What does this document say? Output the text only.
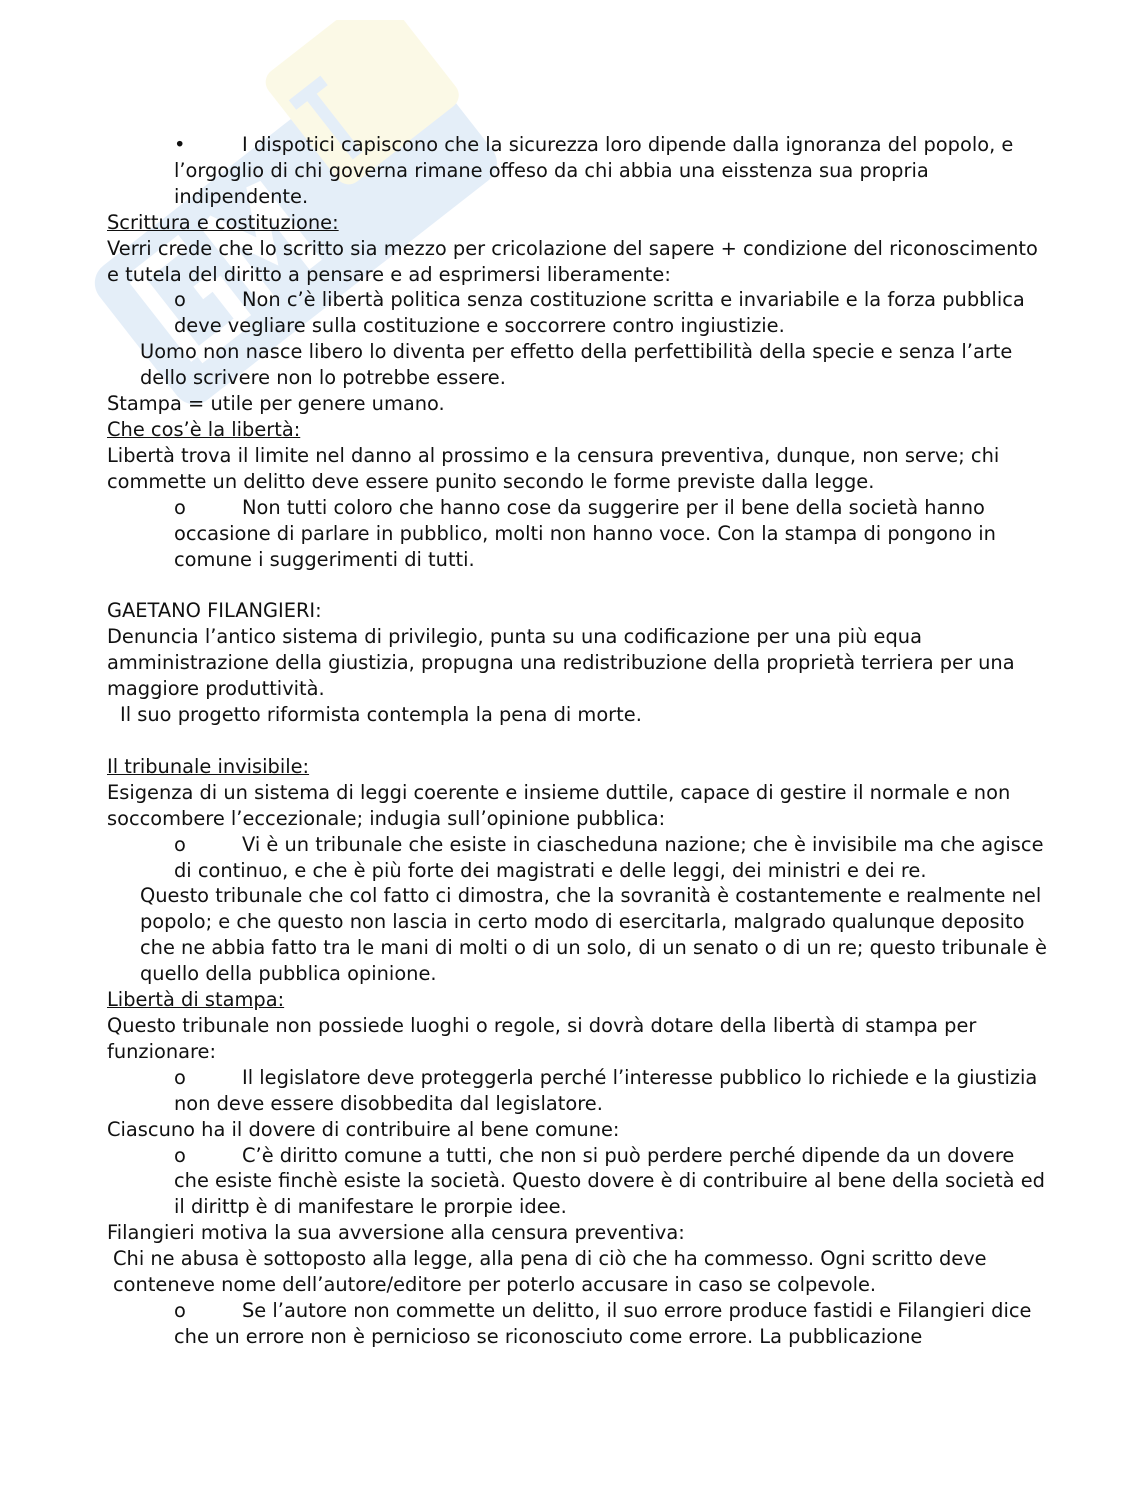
•	I dispotici capiscono che la sicurezza loro dipende dalla ignoranza del popolo, e l’orgoglio di chi governa rimane offeso da chi abbia una eisstenza sua propria indipendente.
Scrittura e costituzione:
Verri crede che lo scritto sia mezzo per cricolazione del sapere + condizione del riconoscimento e tutela del diritto a pensare e ad esprimersi liberamente:
o	Non c’è libertà politica senza costituzione scritta e invariabile e la forza pubblica deve vegliare sulla costituzione e soccorrere contro ingiustizie.
Uomo non nasce libero lo diventa per effetto della perfettibilità della specie e senza l’arte dello scrivere non lo potrebbe essere.
Stampa = utile per genere umano.
Che cos’è la libertà:
Libertà trova il limite nel danno al prossimo e la censura preventiva, dunque, non serve; chi commette un delitto deve essere punito secondo le forme previste dalla legge.
o	Non tutti coloro che hanno cose da suggerire per il bene della società hanno occasione di parlare in pubblico, molti non hanno voce. Con la stampa di pongono in comune i suggerimenti di tutti.
GAETANO FILANGIERI:
Denuncia l’antico sistema di privilegio, punta su una codificazione per una più equa amministrazione della giustizia, propugna una redistribuzione della proprietà terriera per una maggiore produttività.
Il suo progetto riformista contempla la pena di morte.
Il tribunale invisibile:
Esigenza di un sistema di leggi coerente e insieme duttile, capace di gestire il normale e non soccombere l’eccezionale; indugia sull’opinione pubblica:
o	Vi è un tribunale che esiste in ciascheduna nazione; che è invisibile ma che agisce di continuo, e che è più forte dei magistrati e delle leggi, dei ministri e dei re.
Questo tribunale che col fatto ci dimostra, che la sovranità è costantemente e realmente nel popolo; e che questo non lascia in certo modo di esercitarla, malgrado qualunque deposito che ne abbia fatto tra le mani di molti o di un solo, di un senato o di un re; questo tribunale è quello della pubblica opinione.
Libertà di stampa:
Questo tribunale non possiede luoghi o regole, si dovrà dotare della libertà di stampa per funzionare:
o	Il legislatore deve proteggerla perché l’interesse pubblico lo richiede e la giustizia non deve essere disobbedita dal legislatore.
Ciascuno ha il dovere di contribuire al bene comune:
o	C’è diritto comune a tutti, che non si può perdere perché dipende da un dovere che esiste finchè esiste la società. Questo dovere è di contribuire al bene della società ed il dirittp è di manifestare le prorpie idee.
Filangieri motiva la sua avversione alla censura preventiva:
Chi ne abusa è sottoposto alla legge, alla pena di ciò che ha commesso. Ogni scritto deve conteneve nome dell’autore/editore per poterlo accusare in caso se colpevole.
o	Se l’autore non commette un delitto, il suo errore produce fastidi e Filangieri dice che un errore non è pernicioso se riconosciuto come errore. La pubblicazione
